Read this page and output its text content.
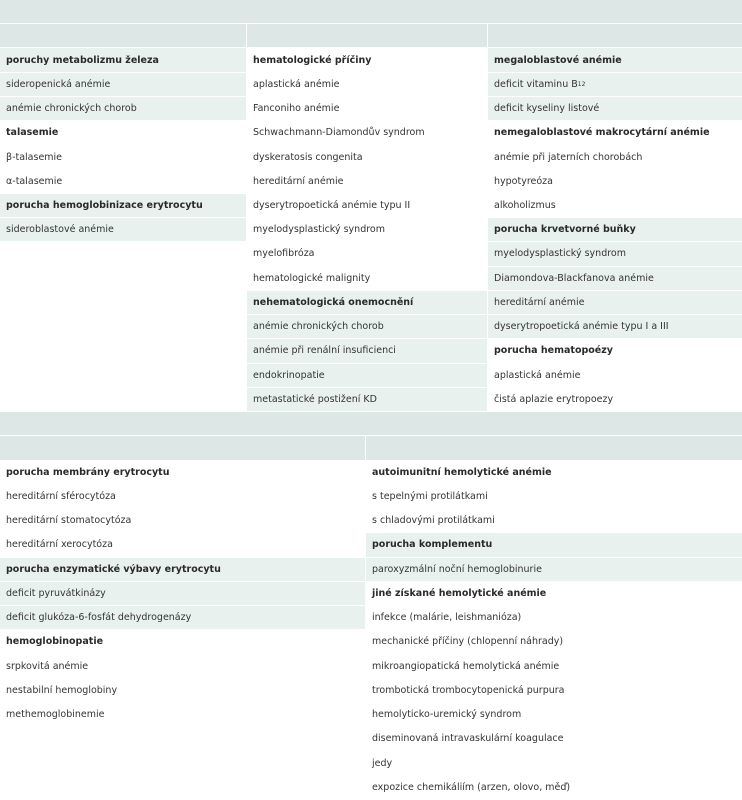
poruchy metabolizmu železa
sideropenická anémie
anémie chronických chorob
talasemie
β-talasemie
α-talasemie
porucha hemoglobinizace erytrocytu
sideroblastové anémie
hematologické příčiny
aplastická anémie
Fanconiho anémie
Schwachmann-Diamondův syndrom
dyskeratosis congenita
hereditární anémie
dyserytropoetická anémie typu II
myelodysplastický syndrom
myelofibróza
hematologické malignity
nehematologická onemocnění
anémie chronických chorob
anémie při renální insuficienci
endokrinopatie
metastatické postižení KD
megaloblastové anémie
deficit vitaminu B 12
deficit kyseliny listové
nemegaloblastové makrocytární anémie
anémie při jaterních chorobách
hypotyreóza
alkoholizmus
porucha krvetvorné buňky
myelodysplastický syndrom
Diamondova-Blackfanova anémie
hereditární anémie
dyserytropoetická anémie typu I a III
porucha hematopoézy
aplastická anémie
čistá aplazie erytropoezy
porucha membrány erytrocytu
hereditární sférocytóza
hereditární stomatocytóza
hereditární xerocytóza
porucha enzymatické výbavy erytrocytu
deficit pyruvátkinázy
deficit glukóza-6-fosfát dehydrogenázy
hemoglobinopatie
srpkovitá anémie
nestabilní hemoglobiny
methemoglobinemie
autoimunitní hemolytické anémie
s tepelnými protilátkami
s chladovými protilátkami
porucha komplementu
paroxyzmální noční hemoglobinurie
jiné získané hemolytické anémie
infekce (malárie, leishmanióza)
mechanické příčiny (chlopenní náhrady)
mikroangiopatická hemolytická anémie
trombotická trombocytopenická purpura
hemolyticko-uremický syndrom
diseminovaná intravaskulární koagulace
jedy
expozice chemikáliím (arzen, olovo, měď)
